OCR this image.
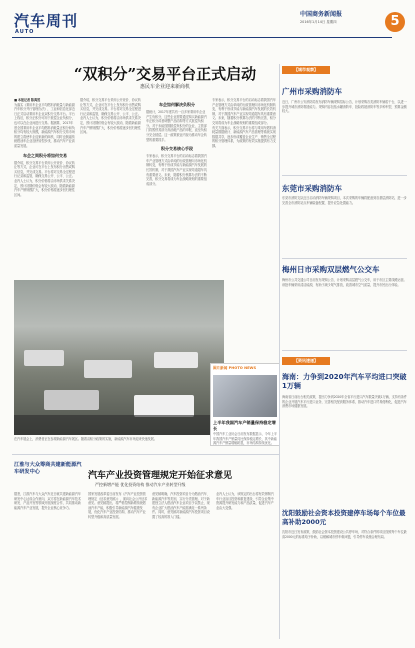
汽车周刊
AUTO
中国商务新闻报
2016年1月14日 星期四	5
“双积分”交易平台正式启动
惠民车企业迎来新商机
■ 本报记者 陈禹然
为落实《乘用车企业平均燃料消耗量与新能源汽车积分并行管理办法》，工业和信息化部近日正式启动乘用车企业双积分交易平台。平台上线后，积分正积分可用于抵偿企业负积分，也可以在企业间进行交易。据测算，2017年度全国乘用车企业平均燃料消耗量正积分和负积分均有较大规模，新能源汽车积分交易市场的建立将使车企迎来新的商机，同时也倒逼传统燃油车企业加快转型步伐，推动汽车产业高质量发展。
车企之间积分将如何交易
据介绍，积分交易平台采用公开竞价、协议转让等方式，企业可在平台上发布积分出售或购买信息，并完成交易。平台将对交易全过程进行记录和监管，确保交易公开、公平、公正。业内人士认为，积分价格将由市场供求关系决定，预计初期价格会有较大波动，随着新能源汽车产销规模扩大，积分价格将逐步回归理性区间。
据介绍，积分交易平台采用公开竞价、协议转让等方式，企业可在平台上发布积分出售或购买信息，并完成交易。平台将对交易全过程进行记录和监管，确保交易公开、公平、公正。业内人士认为，积分价格将由市场供求关系决定，预计初期价格会有较大波动，随着新能源汽车产销规模扩大，积分价格将逐步回归理性区间。
车企如何解决负积分
据统计，2017年度共有一百多家乘用车企业产生负积分，这些企业需要通过购买新能源汽车正积分或者调整产品结构等方式抵偿负积分。对于未能按期抵偿负积分的企业，主管部门将暂停其部分高油耗产品的申报，直至负积分完全抵偿。这一政策被业内视为推动车企转型的重要抓手。
积分交易核心手段
专家表示，积分交易平台的启动标志着我国汽车产业管理方式由单纯的行政管理向市场化机制转变，有利于形成节能与新能源汽车发展的长效机制，对于我国汽车产业实现弯道超车具有重要意义。未来，随着积分核算办法的不断完善，积分交易将成为车企战略规划的重要组成部分。
专家表示，积分交易平台的启动标志着我国汽车产业管理方式由单纯的行政管理向市场化机制转变，有利于形成节能与新能源汽车发展的长效机制，对于我国汽车产业实现弯道超车具有重要意义。未来，随着积分核算办法的不断完善，积分交易将成为车企战略规划的重要组成部分。
有关方面表示，积分交易平台将与乘用车燃料消耗量数据统计、新能源汽车产品管理等系统实现数据共享，逐步形成覆盖企业生产、销售全过程的积分管理体系，为政策的有效实施提供有力支撑。
在汽车展会上，消费者正在参观新能源汽车展区。随着双积分政策的实施，新能源汽车市场迎来快速发展。
图片新闻 PHOTO NEWS
上半年我国汽车产销量保持稳定增长
中国汽车工业协会日前发布数据显示，今年上半年我国汽车产销量同比保持稳定增长，其中新能源汽车产销量增幅明显，市场结构持续优化。
【城市观察】
广州市采购消防车
近日，广州市公安消防局发布消防车辆采购招标公告，计划采购各类消防车辆若干台，以进一步提升城市消防救援能力。采购内容包括水罐消防车、抢险救援消防车等多种车型，预算金额较大。
东莞市采购消防车
东莞市消防支队近日启动消防车辆采购项目，本次采购的车辆将配备到各基层消防站，进一步完善全市消防站点车辆装备配置，提升应急处置能力。
梅州日市采购双层燃气公交车
梅州市公共交通公司日前发布采购公告，计划采购双层燃气公交车，用于市区主要线路运营。该批车辆采用清洁能源，有助于减少尾气排放，改善城市空气质量，提升市民出行体验。
【资讯速递】
海南：力争到2020年汽车平均进口突破1万辆
海南省日前出台相关政策，提出力争到2020年全省平行进口汽车数量突破1万辆，支持有条件的企业开展汽车平行进口业务，完善相关配套服务体系，推动汽车进口贸易便利化，促进汽车消费市场健康发展。
沈阳鼓励社会资本投资建停车场每个车位最高补助2000元
沈阳市近日发布政策，鼓励社会资本投资建设公共停车场，对符合条件的项目按照每个车位最高2000元的标准给予补助，以缓解城市停车难问题，引导停车设施合理布局。
江淮与大众筹商共建新能源汽车研发中心
据悉，江淮汽车与大众汽车近日就共建新能源汽车研发中心达成合作意向，双方将在新能源汽车技术研发、产品开发等领域开展深度合作，共同推动新能源汽车产业发展，提升企业核心竞争力。
汽车产业投资管理规定开始征求意见
严控新增产能 优化投资结构 推动汽车产业转型升级
国家发展改革委日前发布《汽车产业投资管理规定（征求意见稿）》，面向社会公开征求意见。意见稿提出，将严格控制新增传统燃油汽车产能，积极引导新能源汽车健康发展，优化汽车产业投资结构，推动汽车产业转型升级和高质量发展。
意见稿明确，汽车投资项目分为燃油汽车、新能源汽车等类别，实行分类管理。对于新建独立法人燃油汽车企业项目予以禁止，现有企业扩大燃油汽车产能需满足一系列条件。同时，意见稿对新能源汽车投资项目设置了较高的准入门槛。
业内人士认为，该规定的出台将有效遏制汽车行业盲目投资和重复建设，引导企业集中资源提升研发能力和产品质量，促进汽车产业由大变强。
